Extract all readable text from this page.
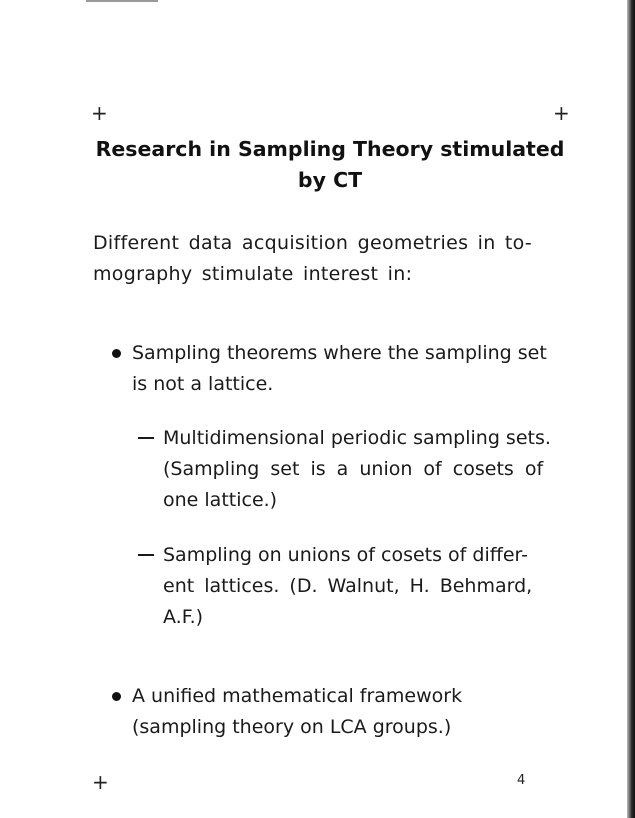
+	+
+
Research in Sampling Theory stimulated
by CT
Different data acquisition geometries in to-
mography stimulate interest in:
Sampling theorems where the sampling set
is not a lattice.
Multidimensional periodic sampling sets.
(Sampling set is a union of cosets of
one lattice.)
Sampling on unions of cosets of differ-
ent lattices. (D. Walnut, H. Behmard,
A.F.)
A unified mathematical framework
(sampling theory on LCA groups.)
4
